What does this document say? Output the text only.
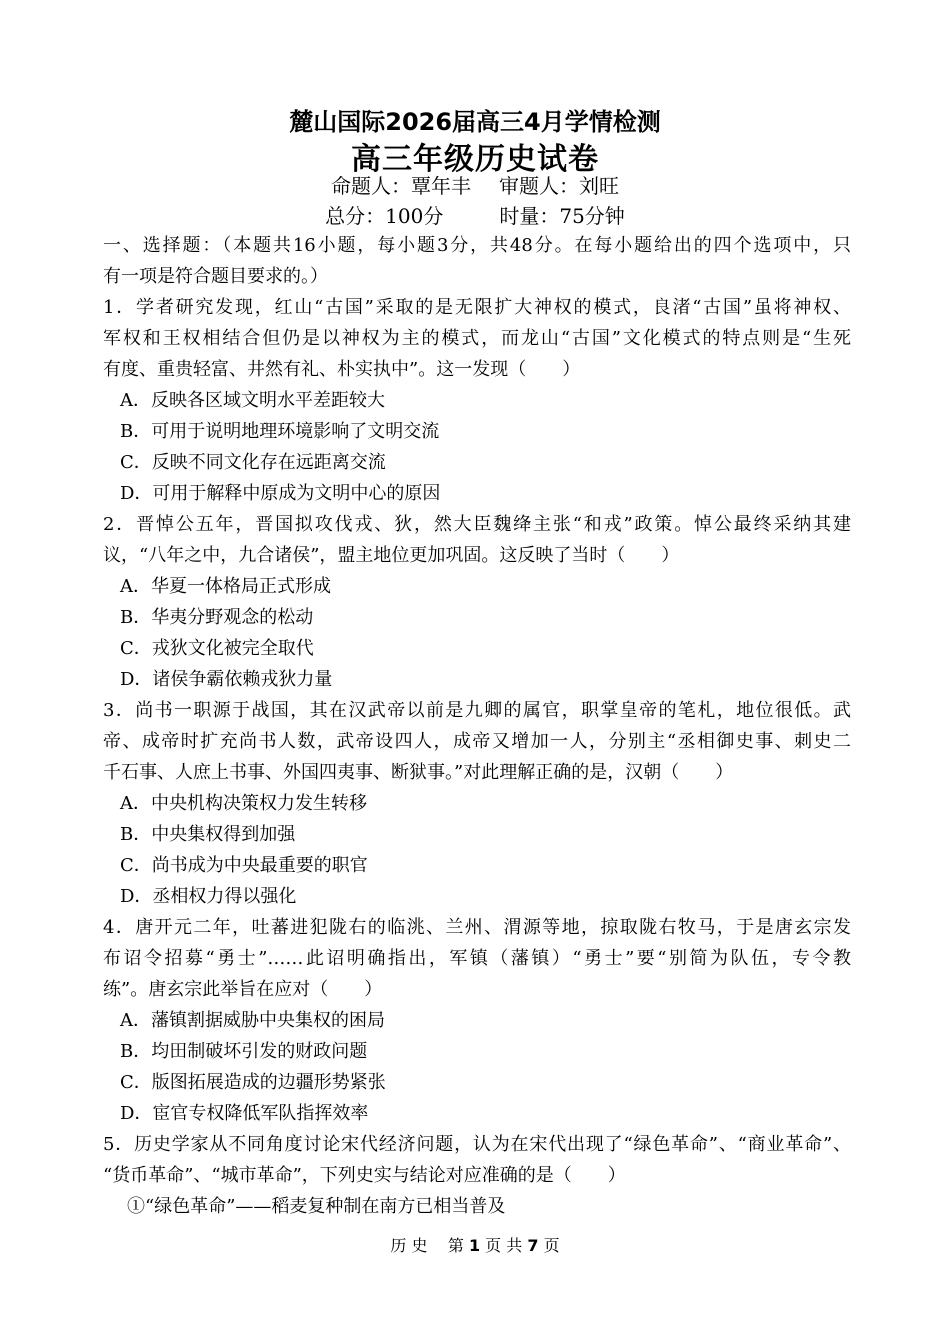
麓山国际2026届高三4月学情检测
高三年级历史试卷
命题人：覃年丰 审题人：刘旺
总分：100分	时量：75分钟
一、选择题：（本题共16小题，每小题3分，共48分。在每小题给出的四个选项中，只
有一项是符合题目要求的。）
1．学者研究发现，红山“古国”采取的是无限扩大神权的模式，良渚“古国”虽将神权、
军权和王权相结合但仍是以神权为主的模式，而龙山“古国”文化模式的特点则是“生死
有度、重贵轻富、井然有礼、朴实执中”。这一发现（　　）
A．反映各区域文明水平差距较大
B．可用于说明地理环境影响了文明交流
C．反映不同文化存在远距离交流
D．可用于解释中原成为文明中心的原因
2．晋悼公五年，晋国拟攻伐戎、狄，然大臣魏绛主张“和戎”政策。悼公最终采纳其建
议，“八年之中，九合诸侯”，盟主地位更加巩固。这反映了当时（　　）
A．华夏一体格局正式形成
B．华夷分野观念的松动
C．戎狄文化被完全取代
D．诸侯争霸依赖戎狄力量
3．尚书一职源于战国，其在汉武帝以前是九卿的属官，职掌皇帝的笔札，地位很低。武
帝、成帝时扩充尚书人数，武帝设四人，成帝又增加一人，分别主“丞相御史事、刺史二
千石事、人庶上书事、外国四夷事、断狱事。”对此理解正确的是，汉朝（　　）
A．中央机构决策权力发生转移
B．中央集权得到加强
C．尚书成为中央最重要的职官
D．丞相权力得以强化
4．唐开元二年，吐蕃进犯陇右的临洮、兰州、渭源等地，掠取陇右牧马，于是唐玄宗发
布诏令招募“勇士”……此诏明确指出，军镇（藩镇）“勇士”要“别简为队伍，专令教
练”。唐玄宗此举旨在应对（　　）
A．藩镇割据威胁中央集权的困局
B．均田制破坏引发的财政问题
C．版图拓展造成的边疆形势紧张
D．宦官专权降低军队指挥效率
5．历史学家从不同角度讨论宋代经济问题，认为在宋代出现了“绿色革命”、“商业革命”、
“货币革命”、“城市革命”，下列史实与结论对应准确的是（　　）
①“绿色革命”——稻麦复种制在南方已相当普及
历 史 第 1 页 共 7 页
